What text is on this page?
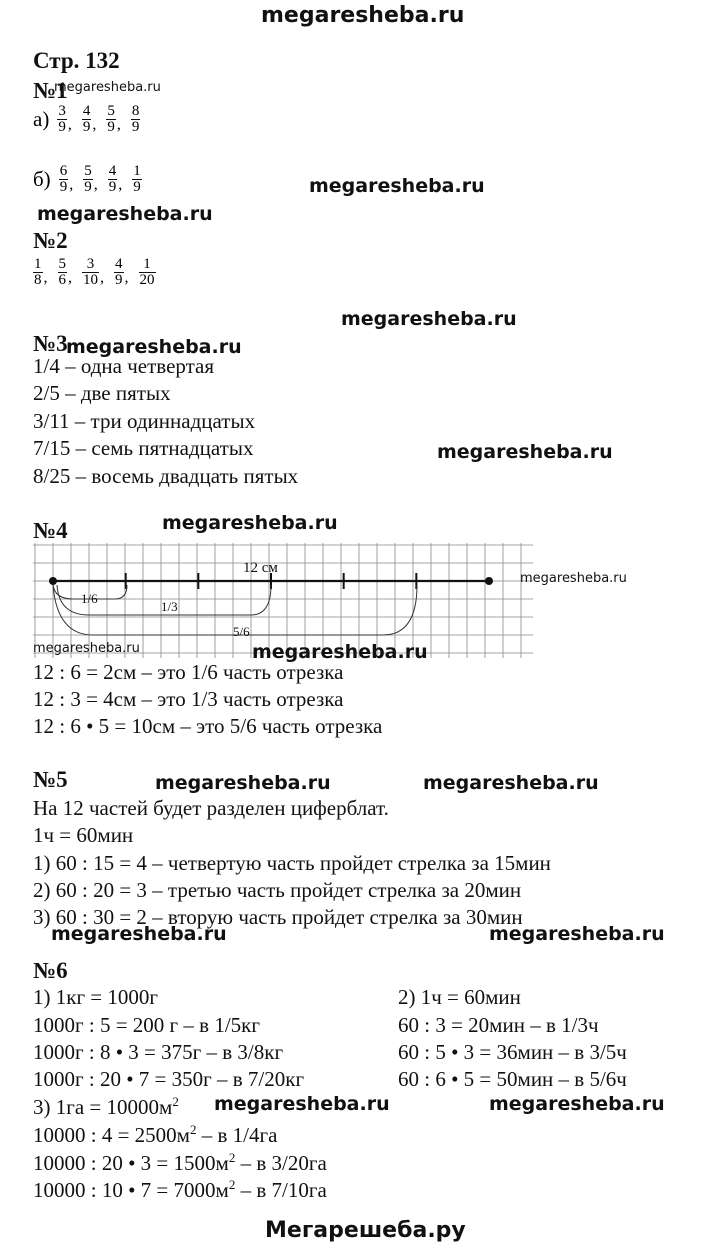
megaresheba.ru
Стр. 132
№1
megaresheba.ru
$а) \frac{3}{9}$ , $\frac{4}{9}$ , $\frac{5}{9}$ , $\frac{8}{9}$
$б) \frac{6}{9}$ , $\frac{5}{9}$ , $\frac{4}{9}$ , $\frac{1}{9}$	megaresheba.ru
megaresheba.ru
№2
$\frac{1}{8}$ , $\frac{5}{6}$ , $\frac{3}{10}$ , $\frac{4}{9}$ , $\frac{1}{20}$
megaresheba.ru
№3
megaresheba.ru
1/4 – одна четвертая
2/5 – две пятых
3/11 – три одиннадцатых
7/15 – семь пятнадцатых
8/25 – восемь двадцать пятых
megaresheba.ru
megaresheba.ru
№4
12 см
1/6
1/3
5/6
megaresheba.ru
megaresheba.ru	megaresheba.ru
12 : 6 = 2см – это 1/6 часть отрезка
12 : 3 = 4см – это 1/3 часть отрезка
12 : 6 • 5 = 10см – это 5/6 часть отрезка
№5	megaresheba.ru	megaresheba.ru
На 12 частей будет разделен циферблат.
1ч = 60мин
1) 60 : 15 = 4 – четвертую часть пройдет стрелка за 15мин
2) 60 : 20 = 3 – третью часть пройдет стрелка за 20мин
3) 60 : 30 = 2 – вторую часть пройдет стрелка за 30мин
megaresheba.ru	megaresheba.ru
№6
1) 1кг = 1000г
1000г : 5 = 200 г – в 1/5кг
1000г : 8 • 3 = 375г – в 3/8кг
1000г : 20 • 7 = 350г – в 7/20кг
2) 1ч = 60мин
60 : 3 = 20мин – в 1/3ч
60 : 5 • 3 = 36мин – в 3/5ч
60 : 6 • 5 = 50мин – в 5/6ч
3) $1га = 10000м^2$
10000 : $4 = 2500м^2 - в$ 1/4га
10000 : 20 • $3 = 1500м^2 - в$ 3/20га
10000 : 10 • $7 = 7000м^2 - в$ 7/10га
megaresheba.ru	megaresheba.ru
Мегарешеба.ру
